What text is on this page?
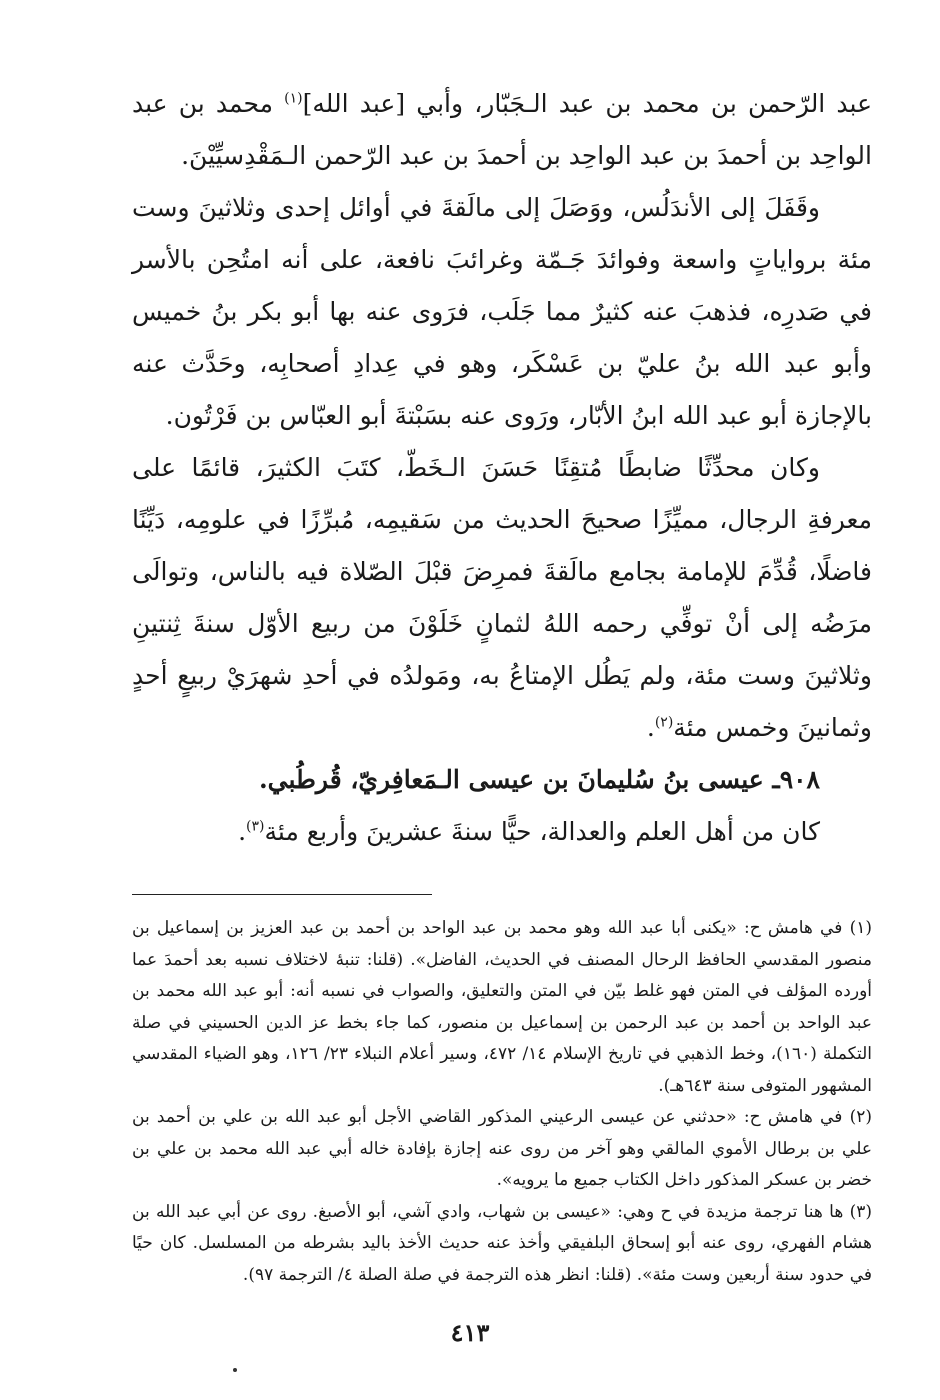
عبد الرّحمن بن محمد بن عبد الـجَبّار، وأبي [عبد الله]$^{(١)}$ محمد بن عبد الواحِد بن أحمدَ بن عبد الواحِد بن أحمدَ بن عبد الرّحمن الـمَقْدِسيِّيْنَ.

وقَفَلَ إلى الأندَلُس، ووَصَلَ إلى مالَقةَ في أوائل إحدى وثلاثينَ وست مئة برواياتٍ واسعة وفوائدَ جَـمّة وغرائبَ نافعة، على أنه امتُحِن بالأسر في صَدرِه، فذهبَ عنه كثيرٌ مما جَلَب، فرَوى عنه بها أبو بكر بنُ خميس وأبو عبد الله بنُ عليّ بن عَسْكَر، وهو في عِدادِ أصحابِه، وحَدَّث عنه بالإجازة أبو عبد الله ابنُ الأبّار، ورَوى عنه بسَبْتةَ أبو العبّاس بن فَرْتُون.

وكان محدِّثًا ضابطًا مُتقِنًا حَسَنَ الـخَطّ، كتَبَ الكثيرَ، قائمًا على معرفةِ الرجال، مميِّزًا صحيحَ الحديث من سَقيمِه، مُبرِّزًا في علومِه، دَيِّنًا فاضلًا، قُدِّمَ للإمامة بجامع مالَقةَ فمرِضَ قبْلَ الصّلاة فيه بالناس، وتوالَى مرَضُه إلى أنْ توفِّي رحمه اللهُ لثمانٍ خَلَوْنَ من ربيع الأوّل سنةَ ثِنتينِ وثلاثينَ وست مئة، ولم يَطُل الإمتاعُ به، ومَولدُه في أحدِ شهرَيْ ربيعٍ أحدٍ وثمانينَ وخمس مئة$^{(٢)}$.

٩٠٨ـ عيسى بنُ سُليمانَ بن عيسى الـمَعافِريّ، قُرطُبي.

كان من أهل العلم والعدالة، حيًّا سنةَ عشرينَ وأربع مئة$^{(٣)}$.

(١) في هامش ح: «يكنى أبا عبد الله وهو محمد بن عبد الواحد بن أحمد بن عبد العزيز بن إسماعيل بن منصور المقدسي الحافظ الرحال المصنف في الحديث، الفاضل». (قلنا: تنبهٔ لاختلاف نسبه بعد أحمدَ عما أورده المؤلف في المتن فهو غلط بيّن في المتن والتعليق، والصواب في نسبه أنه: أبو عبد الله محمد بن عبد الواحد بن أحمد بن عبد الرحمن بن إسماعيل بن منصور، كما جاء بخط عز الدين الحسيني في صلة التكملة (١٦٠)، وخط الذهبي في تاريخ الإسلام ١٤/ ٤٧٢، وسير أعلام النبلاء ٢٣/ ١٢٦، وهو الضياء المقدسي المشهور المتوفى سنة ٦٤٣هـ).

(٢) في هامش ح: «حدثني عن عيسى الرعيني المذكور القاضي الأجل أبو عبد الله بن علي بن أحمد بن علي بن برطال الأموي المالقي وهو آخر من روى عنه إجازة بإفادة خاله أبي عبد الله محمد بن علي بن خضر بن عسكر المذكور داخل الكتاب جميع ما يرويه».

(٣) ها هنا ترجمة مزيدة في ح وهي: «عيسى بن شهاب، وادي آشي، أبو الأصبغ. روى عن أبي عبد الله بن هشام الفهري، روى عنه أبو إسحاق البلفيقي وأخذ عنه حديث الأخذ باليد بشرطه من المسلسل. كان حيًا في حدود سنة أربعين وست مئة». (قلنا: انظر هذه الترجمة في صلة الصلة ٤/ الترجمة ٩٧).

٤١٣
